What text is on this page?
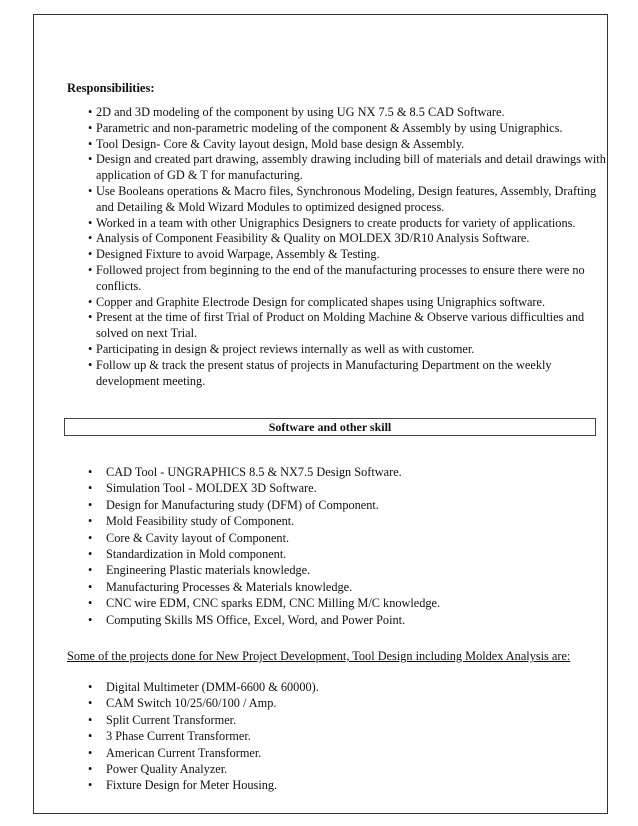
Responsibilities:
• 2D and 3D modeling of the component by using UG NX 7.5 & 8.5 CAD Software.
• Parametric and non-parametric modeling of the component & Assembly by using Unigraphics.
• Tool Design- Core & Cavity layout design, Mold base design & Assembly.
• Design and created part drawing, assembly drawing including bill of materials and detail drawings with application of GD & T for manufacturing.
• Use Booleans operations & Macro files, Synchronous Modeling, Design features, Assembly, Drafting and Detailing & Mold Wizard Modules to optimized designed process.
• Worked in a team with other Unigraphics Designers to create products for variety of applications.
• Analysis of Component Feasibility & Quality on MOLDEX 3D/R10 Analysis Software.
• Designed Fixture to avoid Warpage, Assembly & Testing.
• Followed project from beginning to the end of the manufacturing processes to ensure there were no conflicts.
• Copper and Graphite Electrode Design for complicated shapes using Unigraphics software.
• Present at the time of first Trial of Product on Molding Machine & Observe various difficulties and solved on next Trial.
• Participating in design & project reviews internally as well as with customer.
• Follow up & track the present status of projects in Manufacturing Department on the weekly development meeting.
Software and other skill
•	CAD Tool - UNGRAPHICS 8.5 & NX7.5 Design Software.
•	Simulation Tool - MOLDEX 3D Software.
•	Design for Manufacturing study (DFM) of Component.
•	Mold Feasibility study of Component.
•	Core & Cavity layout of Component.
•	Standardization in Mold component.
•	Engineering Plastic materials knowledge.
•	Manufacturing Processes & Materials knowledge.
•	CNC wire EDM, CNC sparks EDM, CNC Milling M/C knowledge.
•	Computing Skills MS Office, Excel, Word, and Power Point.
Some of the projects done for New Project Development, Tool Design including Moldex Analysis are:
•	Digital Multimeter (DMM-6600 & 60000).
•	CAM Switch 10/25/60/100 / Amp.
•	Split Current Transformer.
•	3 Phase Current Transformer.
•	American Current Transformer.
•	Power Quality Analyzer.
•	Fixture Design for Meter Housing.
